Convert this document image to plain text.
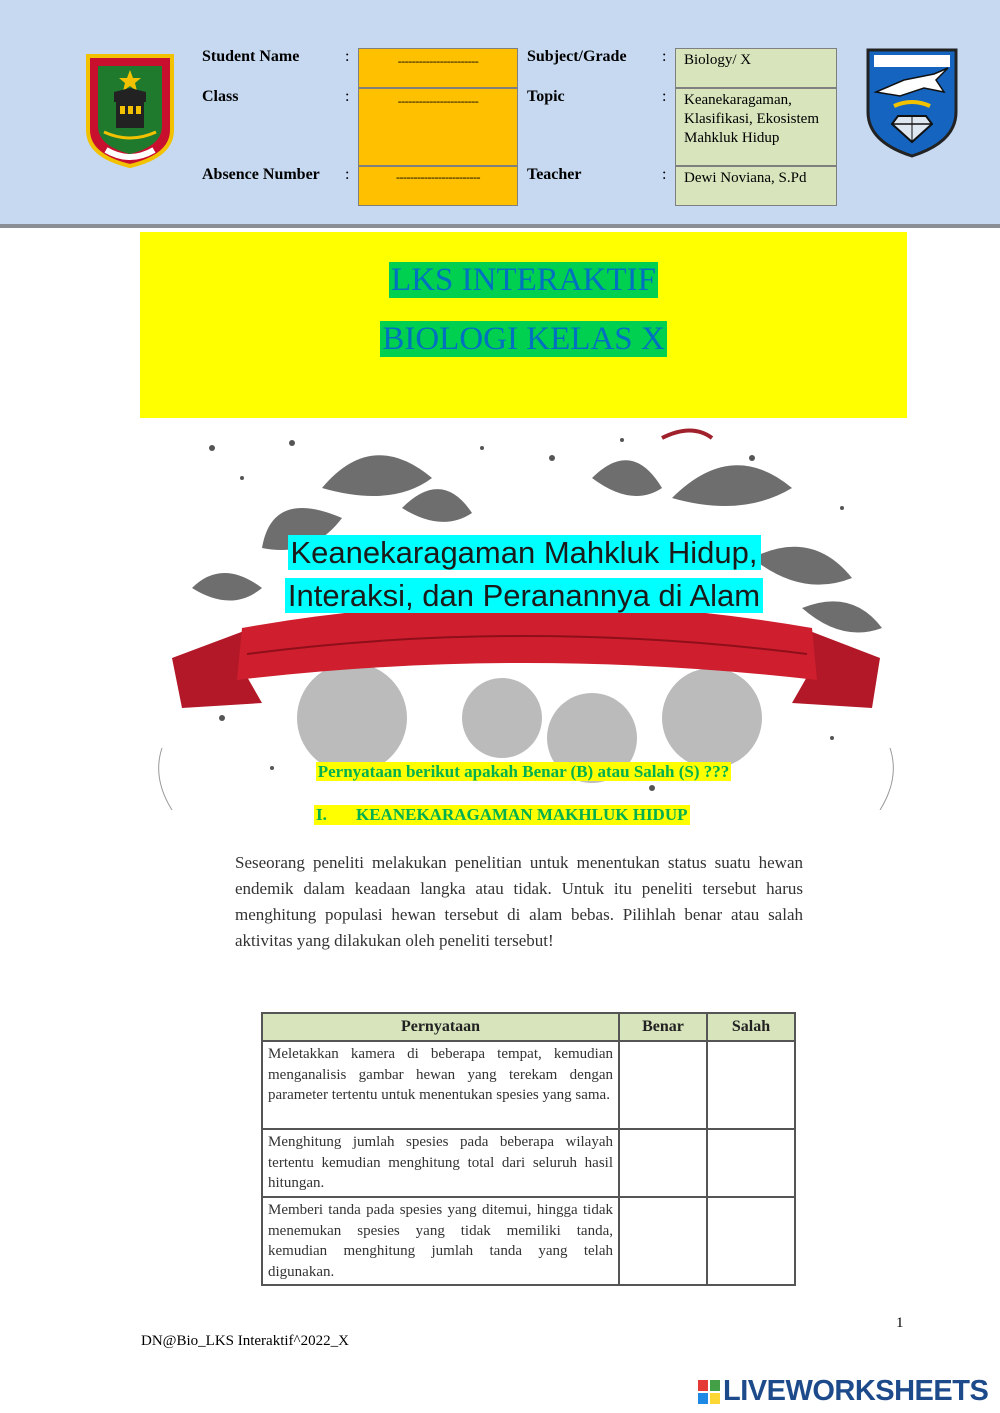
Student Name	:	-----------------------
Class	:	-----------------------
Absence Number :	------------------------
Subject/Grade :	Biology/ X
Topic	:	Keanekaragaman, Klasifikasi, Ekosistem Mahkluk Hidup
Teacher	:	Dewi Noviana, S.Pd
LKS INTERAKTIF
BIOLOGI KELAS X
Keanekaragaman Mahkluk Hidup,
Interaksi, dan Peranannya di Alam
Pernyataan berikut apakah Benar (B) atau Salah (S) ???
I. KEANEKARAGAMAN MAKHLUK HIDUP
Seseorang peneliti melakukan penelitian untuk menentukan status suatu hewan endemik dalam keadaan langka atau tidak. Untuk itu peneliti tersebut harus menghitung populasi hewan tersebut di alam bebas. Pilihlah benar atau salah aktivitas yang dilakukan oleh peneliti tersebut!
Pernyataan	Benar	Salah
Meletakkan kamera di beberapa tempat, kemudian menganalisis gambar hewan yang terekam dengan parameter tertentu untuk menentukan spesies yang sama.		
Menghitung jumlah spesies pada beberapa wilayah tertentu kemudian menghitung total dari seluruh hasil hitungan.		
Memberi tanda pada spesies yang ditemui, hingga tidak menemukan spesies yang tidak memiliki tanda, kemudian menghitung jumlah tanda yang telah digunakan.		
1
DN@Bio_LKS Interaktif^2022_X
LIVEWORKSHEETS
